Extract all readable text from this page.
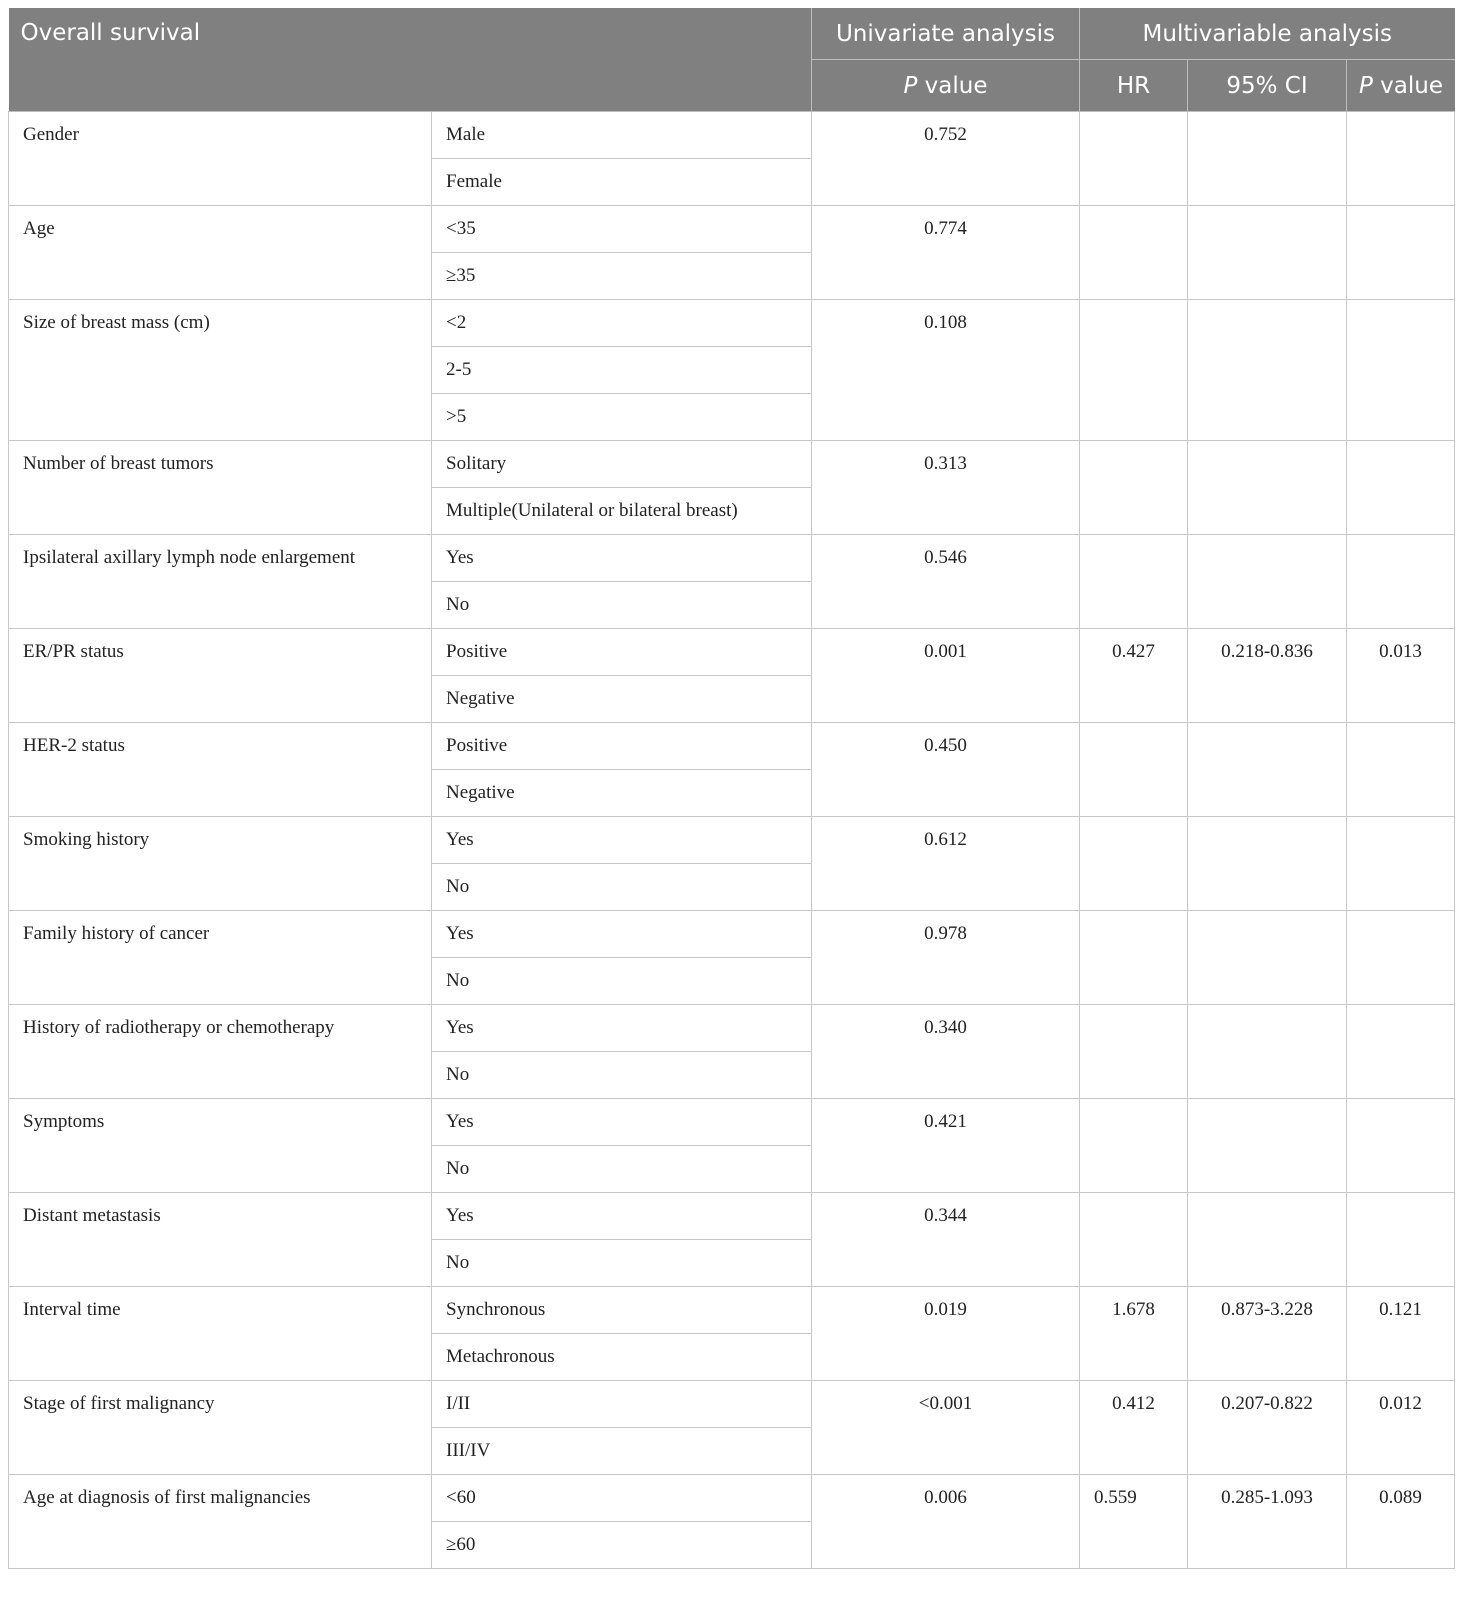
Overall survival		Univariate analysis	Multivariable analysis		
		P value	HR	95% CI	P value
Gender	Male	0.752			
	Female				
Age	<35	0.774			
	≥35				
Size of breast mass (cm)	<2	0.108			
	2-5				
	>5				
Number of breast tumors	Solitary	0.313			
	Multiple(Unilateral or bilateral breast)				
Ipsilateral axillary lymph node enlargement	Yes	0.546			
	No				
ER/PR status	Positive	0.001	0.427	0.218-0.836	0.013
	Negative				
HER-2 status	Positive	0.450			
	Negative				
Smoking history	Yes	0.612			
	No				
Family history of cancer	Yes	0.978			
	No				
History of radiotherapy or chemotherapy	Yes	0.340			
	No				
Symptoms	Yes	0.421			
	No				
Distant metastasis	Yes	0.344			
	No				
Interval time	Synchronous	0.019	1.678	0.873-3.228	0.121
	Metachronous				
Stage of first malignancy	I/II	<0.001	0.412	0.207-0.822	0.012
	III/IV				
Age at diagnosis of first malignancies	<60	0.006	0.559	0.285-1.093	0.089
	≥60				
